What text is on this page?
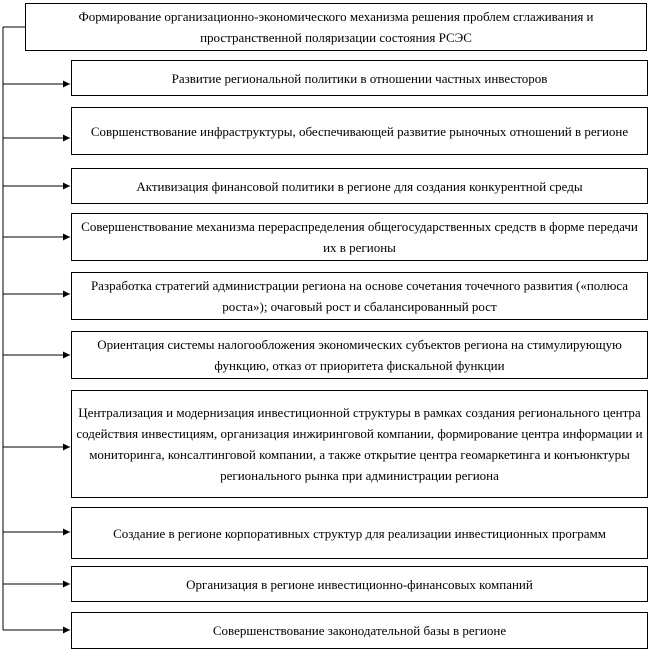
Формирование организационно-экономического механизма решения проблем сглаживания и пространственной поляризации состояния РСЭС
Развитие региональной политики в отношении частных инвесторов
Совршенствование инфраструктуры, обеспечивающей развитие рыночных отношений в регионе
Активизация финансовой политики в регионе для создания конкурентной среды
Совершенствование механизма перераспределения общегосударственных средств в форме передачи их в регионы
Разработка стратегий администрации региона на основе сочетания точечного развития («полюса роста»); очаговый рост и сбалансированный рост
Ориентация системы налогообложения экономических субъектов региона на стимулирующую функцию, отказ от приоритета фискальной функции
Централизация и модернизация инвестиционной структуры в рамках создания регионального центра содействия инвестициям, организация инжиринговой компании, формирование центра информации и мониторинга, консалтинговой компании, а также открытие центра геомаркетинга и конъюнктуры регионального рынка при администрации региона
Создание в регионе корпоративных структур для реализации инвестиционных программ
Организация в регионе инвестиционно-финансовых компаний
Совершенствование законодательной базы в регионе
